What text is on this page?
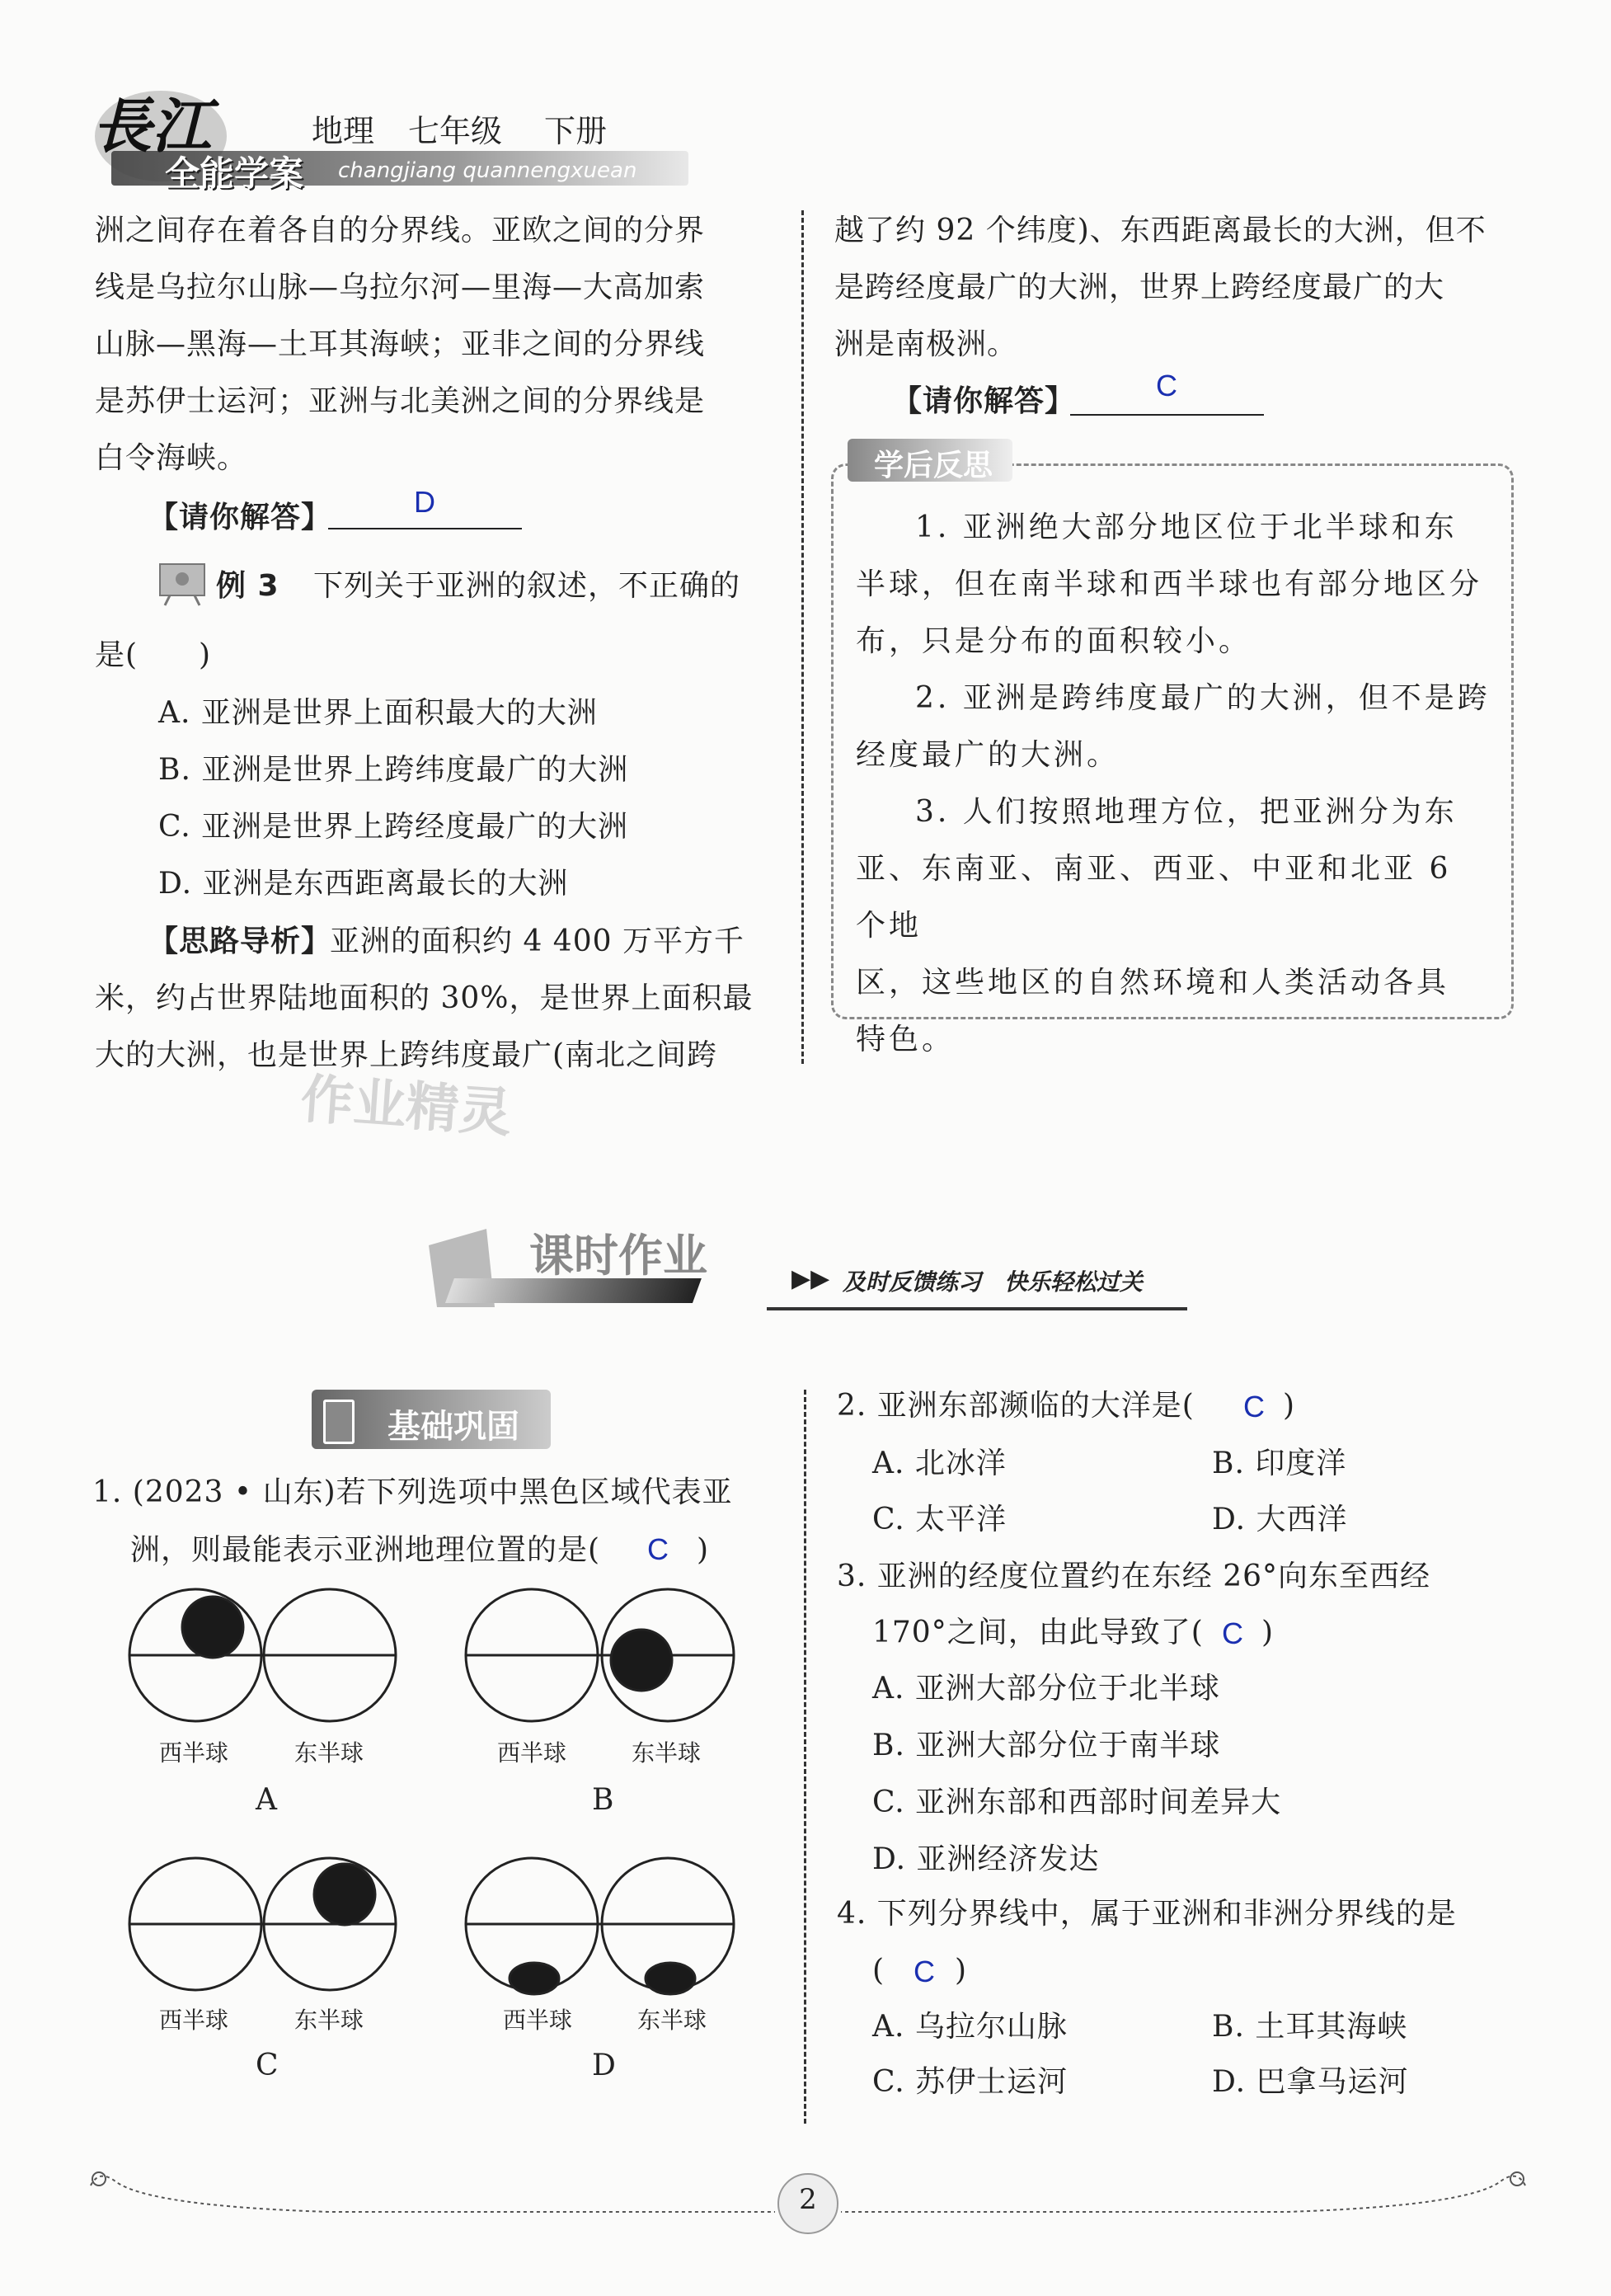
長江
全能学案 changjiang quannengxuean
地理 七年级 下册
洲之间存在着各自的分界线。亚欧之间的分界
线是乌拉尔山脉—乌拉尔河—里海—大高加索
山脉—黑海—土耳其海峡；亚非之间的分界线
是苏伊士运河；亚洲与北美洲之间的分界线是
白令海峡。
【请你解答】	D
例 3 下列关于亚洲的叙述，不正确的
是(　　)
A. 亚洲是世界上面积最大的大洲
B. 亚洲是世界上跨纬度最广的大洲
C. 亚洲是世界上跨经度最广的大洲
D. 亚洲是东西距离最长的大洲
【思路导析】
亚洲的面积约 4 400 万平方千
米，约占世界陆地面积的 30%，是世界上面积最
大的大洲，也是世界上跨纬度最广(南北之间跨
作业精灵
越了约 92 个纬度)、东西距离最长的大洲，但不
是跨经度最广的大洲，世界上跨经度最广的大
洲是南极洲。
【请你解答】	C
学后反思
1. 亚洲绝大部分地区位于北半球和东
半球，但在南半球和西半球也有部分地区分
布，只是分布的面积较小。
2. 亚洲是跨纬度最广的大洲，但不是跨
经度最广的大洲。
3. 人们按照地理方位，把亚洲分为东
亚、东南亚、南亚、西亚、中亚和北亚 6 个地
区，这些地区的自然环境和人类活动各具
特色。
课时作业	▶▶ 及时反馈练习　快乐轻松过关
基础巩固
1. (2023 • 山东)若下列选项中黑色区域代表亚
洲，则最能表示亚洲地理位置的是( C )
西半球	东半球	西半球	东半球
A	B
西半球	东半球	西半球	东半球
C	D
2. 亚洲东部濒临的大洋是( C )
A. 北冰洋	B. 印度洋
C. 太平洋	D. 大西洋
3. 亚洲的经度位置约在东经 26°向东至西经
170°之间，由此导致了( C )
A. 亚洲大部分位于北半球
B. 亚洲大部分位于南半球
C. 亚洲东部和西部时间差异大
D. 亚洲经济发达
4. 下列分界线中，属于亚洲和非洲分界线的是
( C )
A. 乌拉尔山脉	B. 土耳其海峡
C. 苏伊士运河	D. 巴拿马运河
2
